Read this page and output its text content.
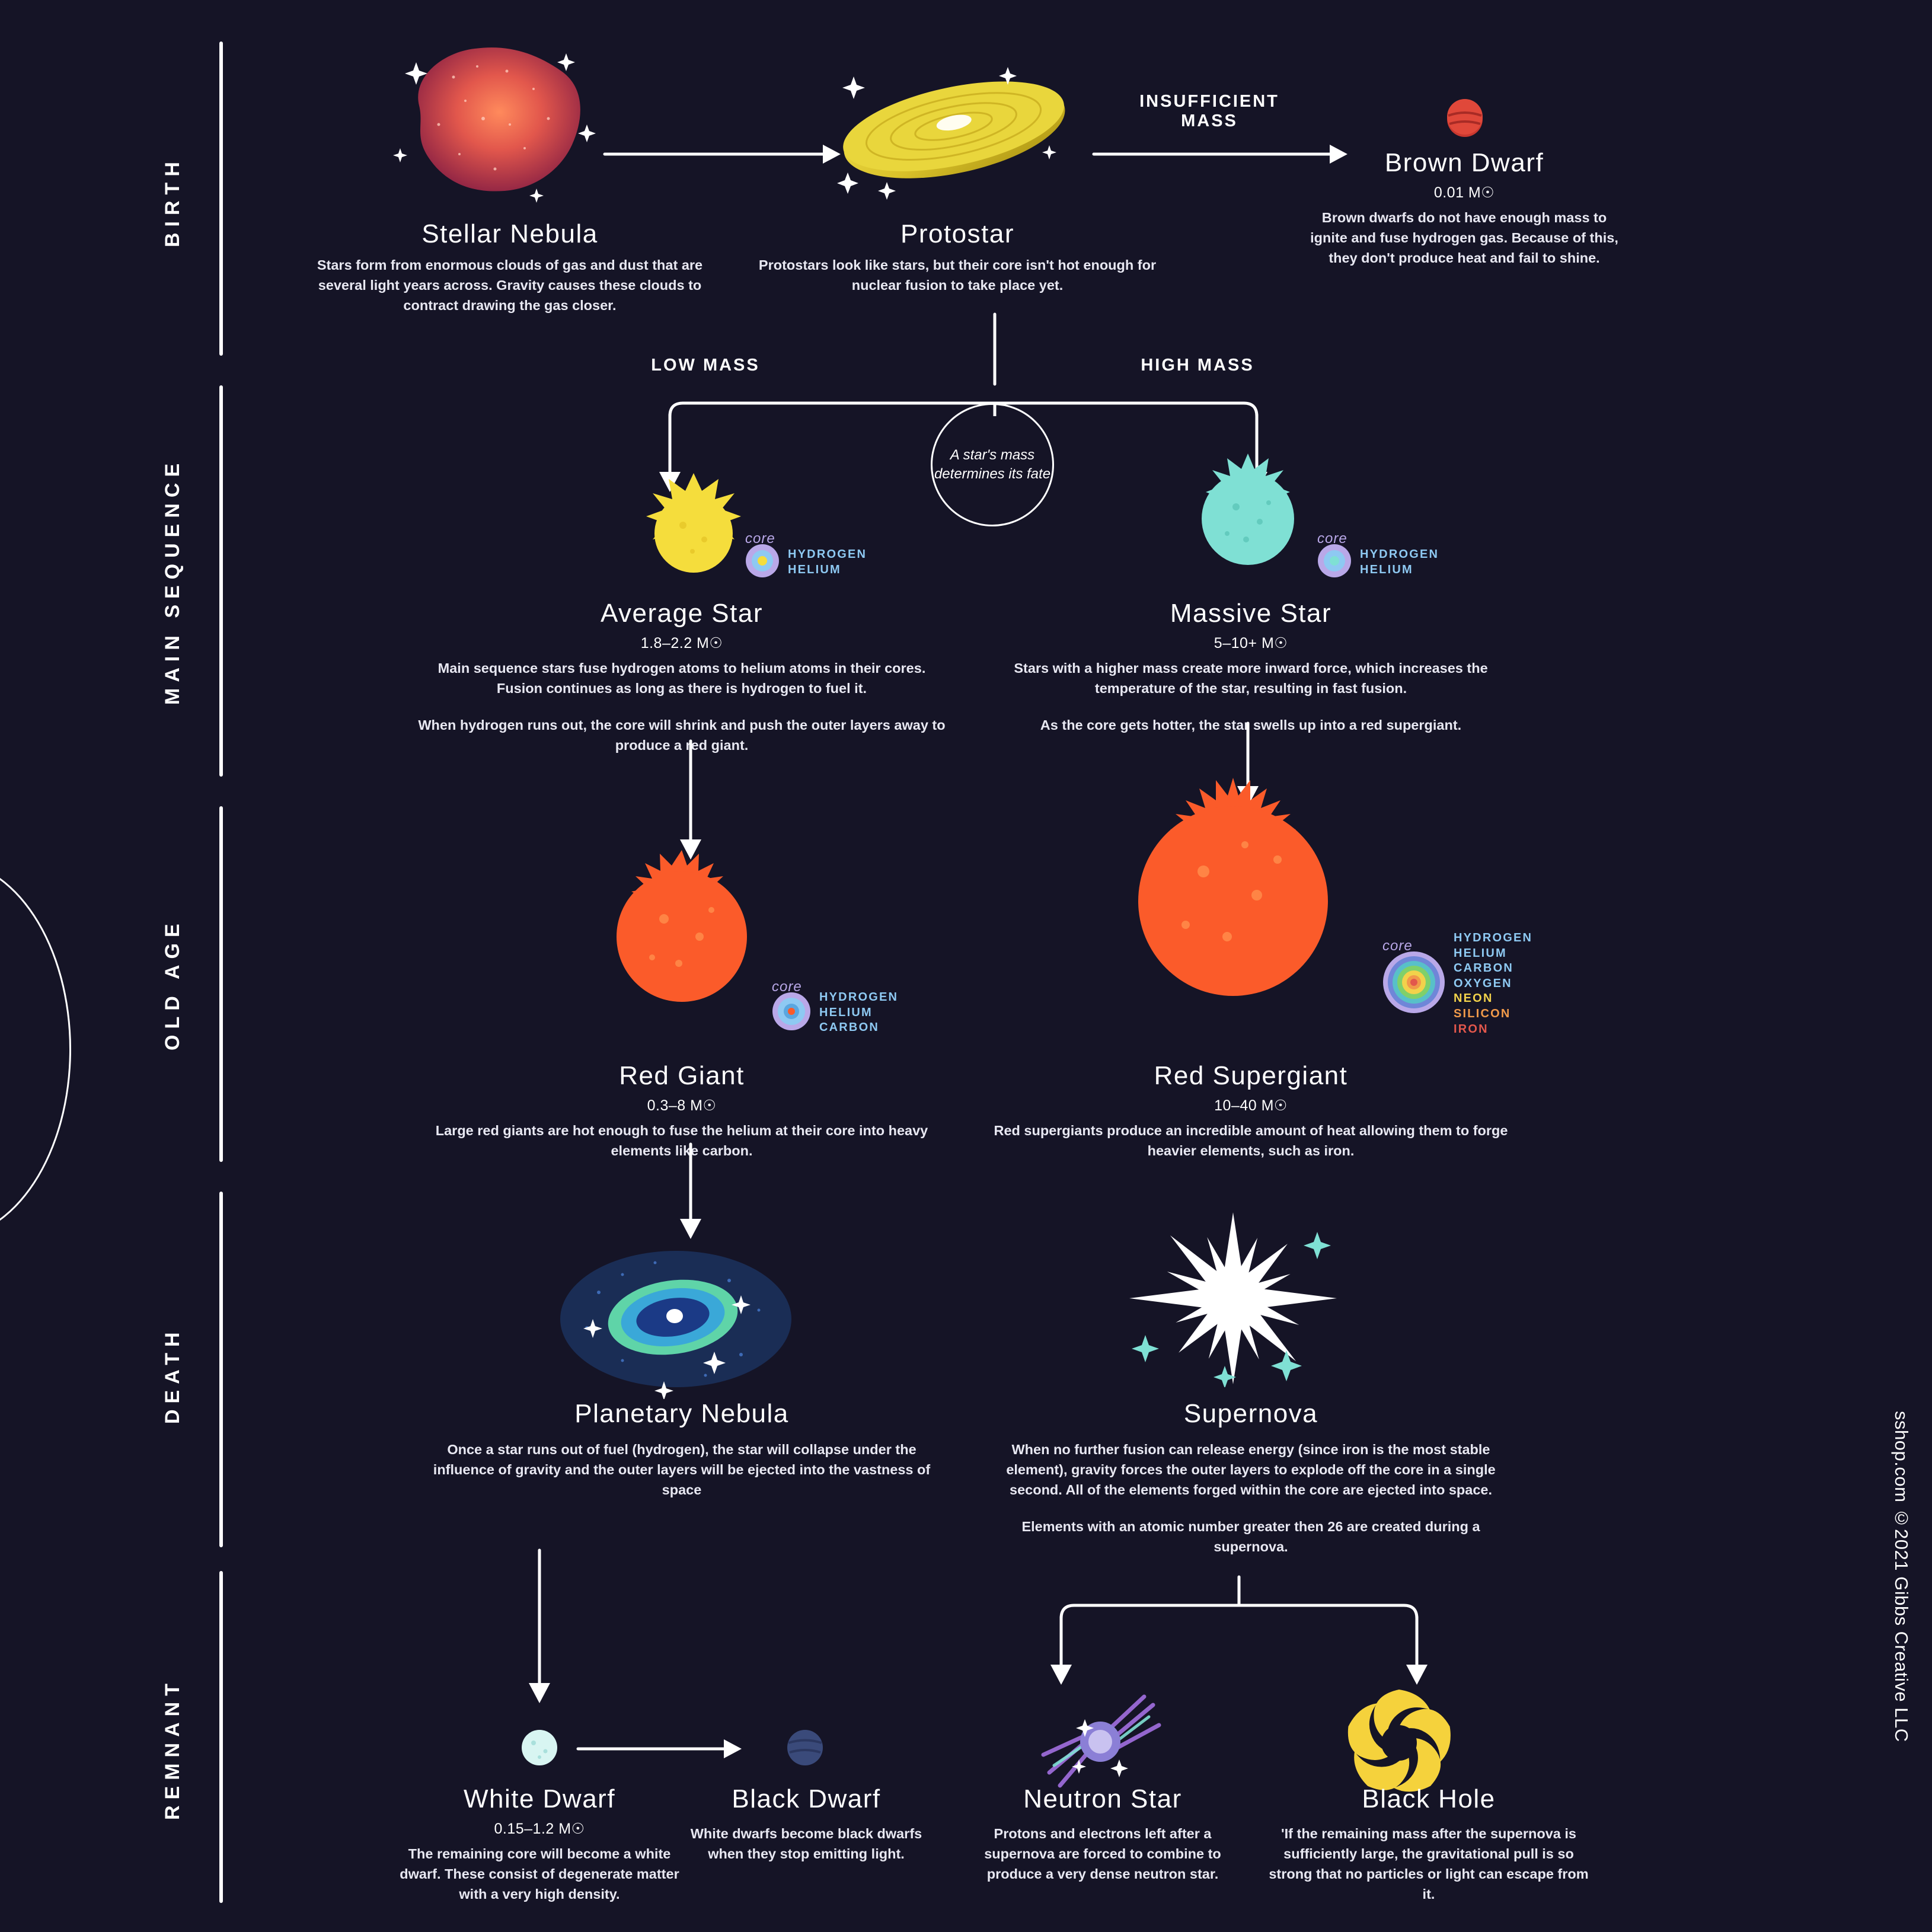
BIRTH
MAIN SEQUENCE
OLD AGE
DEATH
REMNANT
Stellar Nebula
Stars form from enormous clouds of gas and dust that are several light years across. Gravity causes these clouds to contract drawing the gas closer.
Protostar
Protostars look like stars, but their core isn't hot enough for nuclear fusion to take place yet.
INSUFFICIENT
MASS
Brown Dwarf
0.01 M☉
Brown dwarfs do not have enough mass to ignite and fuse hydrogen gas. Because of this, they don't produce heat and fail to shine.
LOW MASS	HIGH MASS
A star's mass determines its fate
core
HYDROGEN
HELIUM
Average Star
1.8–2.2 M☉
Main sequence stars fuse hydrogen atoms to helium atoms in their cores. Fusion continues as long as there is hydrogen to fuel it.
When hydrogen runs out, the core will shrink and push the outer layers away to produce a red giant.
core
HYDROGEN
HELIUM
Massive Star
5–10+ M☉
Stars with a higher mass create more inward force, which increases the temperature of the star, resulting in fast fusion.
As the core gets hotter, the star swells up into a red supergiant.
core
HYDROGEN
HELIUM
CARBON
Red Giant
0.3–8 M☉
Large red giants are hot enough to fuse the helium at their core into heavy elements like carbon.
core
HYDROGEN
HELIUM
CARBON
OXYGEN
NEON
SILICON
IRON
Red Supergiant
10–40 M☉
Red supergiants produce an incredible amount of heat allowing them to forge heavier elements, such as iron.
Planetary Nebula
Once a star runs out of fuel (hydrogen), the star will collapse under the influence of gravity and the outer layers will be ejected into the vastness of space
Supernova
When no further fusion can release energy (since iron is the most stable element), gravity forces the outer layers to explode off the core in a single second. All of the elements forged within the core are ejected into space.
Elements with an atomic number greater then 26 are created during a supernova.
White Dwarf
0.15–1.2 M☉
The remaining core will become a white dwarf. These consist of degenerate matter with a very high density.
Black Dwarf
White dwarfs become black dwarfs when they stop emitting light.
Neutron Star
Protons and electrons left after a supernova are forced to combine to produce a very dense neutron star.
Black Hole
'If the remaining mass after the supernova is sufficiently large, the gravitational pull is so strong that no particles or light can escape from it.
sshop.com ©2021 Gibbs Creative LLC
